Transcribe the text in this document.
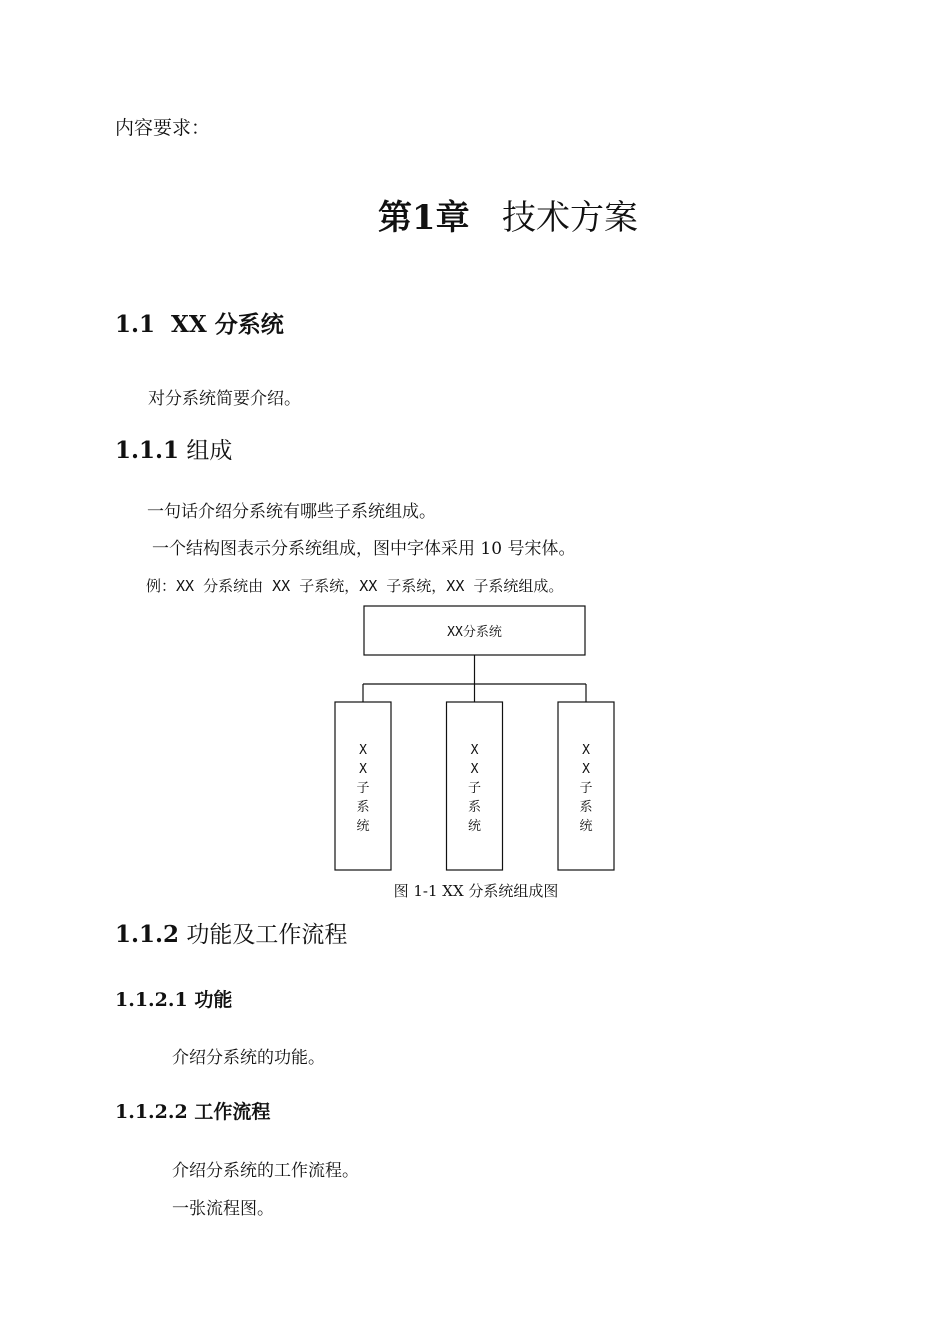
内容要求：
第1章 技术方案
1.1 XX 分系统
对分系统简要介绍。
1.1.1 组成
一句话介绍分系统有哪些子系统组成。
一个结构图表示分系统组成，图中字体采用 10 号宋体。
例：XX 分系统由 XX 子系统，XX 子系统，XX 子系统组成。
XX分系统
X
X
子
系
统
X
X
子
系
统
X
X
子
系
统
图 1-1 XX 分系统组成图
1.1.2 功能及工作流程
1.1.2.1 功能
介绍分系统的功能。
1.1.2.2 工作流程
介绍分系统的工作流程。
一张流程图。
